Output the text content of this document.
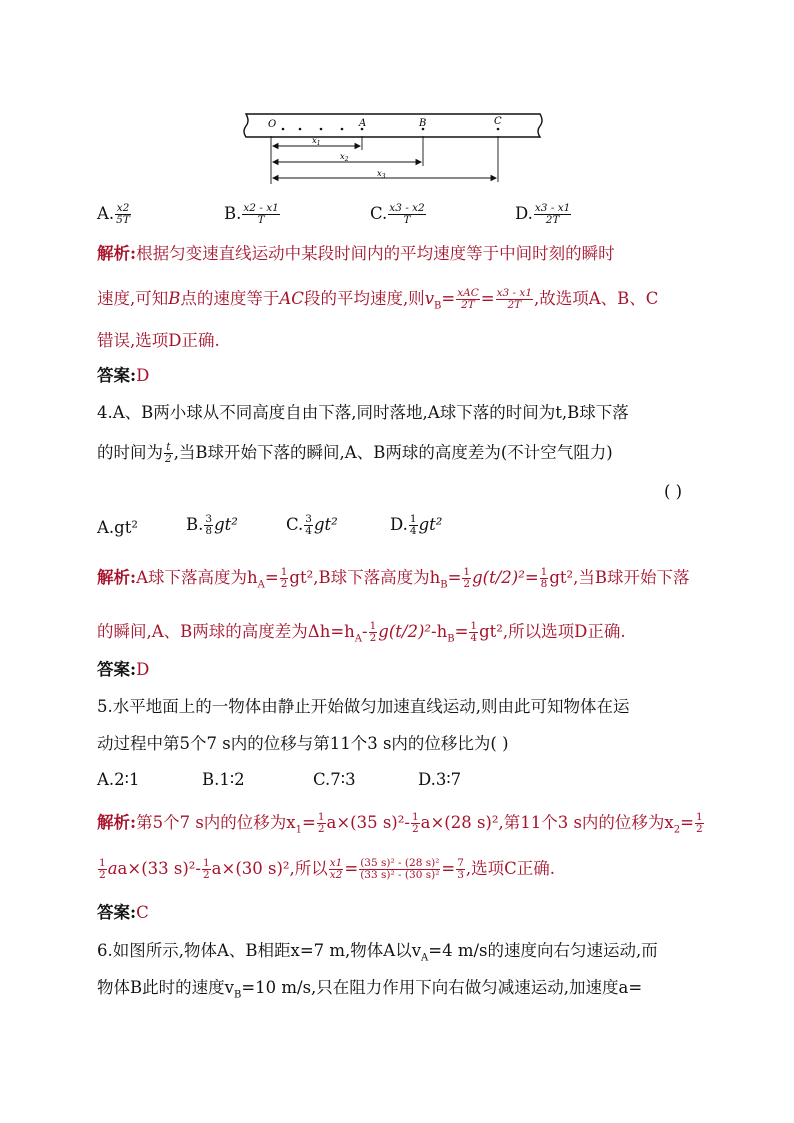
O	A	B	C
$x_1$
$x_2$
$x_3$
A. $\frac{x2}{5T}$	B. $\frac{x2 - x1}{T}$	C. $\frac{x3 - x2}{T}$	D. $\frac{x3 - x1}{2T}$
解析:根据匀变速直线运动中某段时间内的平均速度等于中间时刻的瞬时
速度,可知B点的速度等于AC段的平均速度,则$v_B= \frac{\text{xAC}}{2T} = \frac{x3 - x1}{2T}$ ,故选项A、B、C
错误,选项D正确.
答案:D
4.A、B两小球从不同高度自由下落,同时落地,A球下落的时间为t,B球下落
的时间为 $\frac{t}{2}$ ,当B球开始下落的瞬间,A、B两球的高度差为(不计空气阻力)
( )
A.gt²	B. $\frac{3}{8} gt^2$	C. $\frac{3}{4} gt^2$	D. $\frac{1}{4} gt^2$
解析:A球下落高度为$h_A= \frac{1}{2} gt^2,B$球下落高度为$h_B= \frac{1}{2} g(t/2)^2= \frac{1}{8} gt^2$,当B球开始下落
的瞬间,A、B两球的高度差为$\Delta h=h_A- \frac{1}{2} g(t/2)^2-h_B= \frac{1}{4} gt^2$,所以选项D正确.
答案:D
5.水平地面上的一物体由静止开始做匀加速直线运动,则由此可知物体在运
动过程中第5个7 s内的位移与第11个3 s内的位移比为( )
A.2∶1	B.1∶2	C.7∶3	D.3∶7
解析:第5个7 s内的位移为$x_1= \frac{1}{2} a\times(35$ $s)^2- \frac{1}{2} a\times(28$ s)²,第11个3 s内的位移为$x_2= \frac{1}{2}$
$\frac{1}{2} aa\times(33$ $s)^2- \frac{1}{2} a\times(30$ s)²,所以 $\frac{x1}{x2} = \frac{\text{(35 s)² - (28 s)²}}{\text{(33 s)² - (30 s)²}} = \frac{7}{3}$ ,选项C正确.
答案:C
6.如图所示,物体A、B相距x=7 m,物体A以$v_A=4$ m/s的速度向右匀速运动,而
物体B此时的速度$v_B=10$ m/s,只在阻力作用下向右做匀减速运动,加速度a=
